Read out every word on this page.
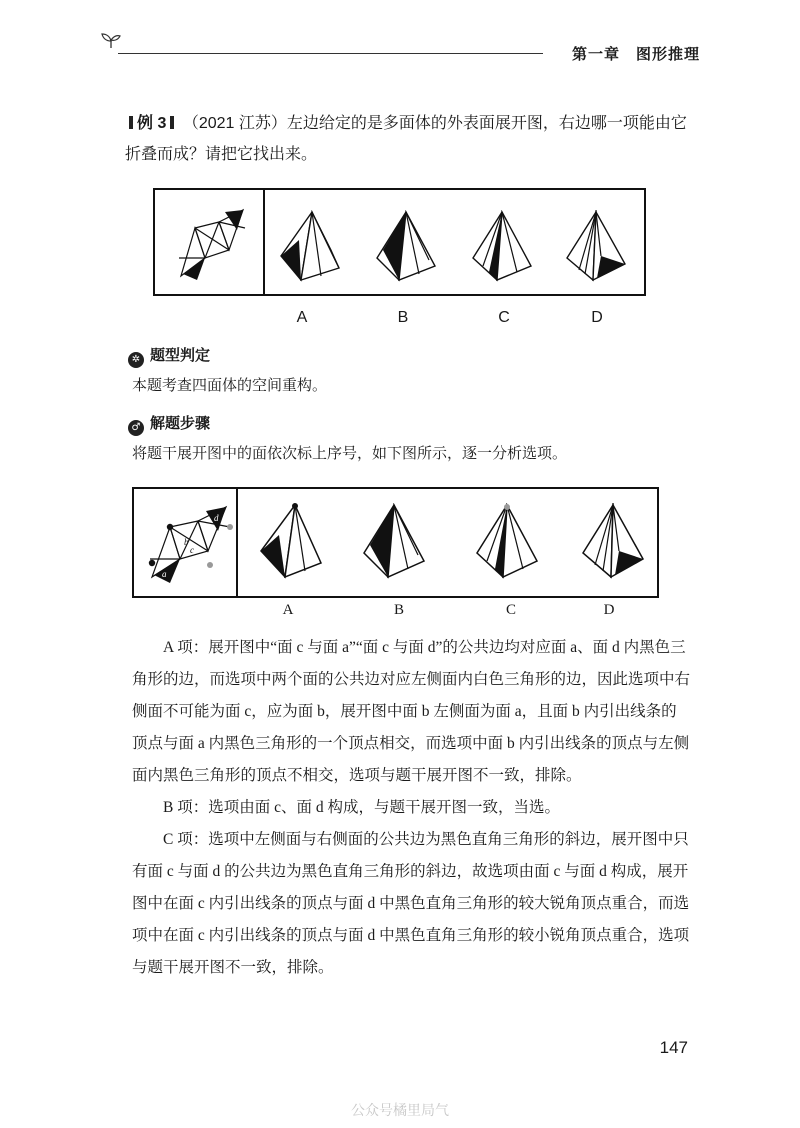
第一章 图形推理
例 3 （2021 江苏）左边给定的是多面体的外表面展开图，右边哪一项能由它折叠而成？请把它找出来。
A	B	C	D
✲ 题型判定
本题考查四面体的空间重构。
♂ 解题步骤
将题干展开图中的面依次标上序号，如下图所示，逐一分析选项。
b
c
d
a
A	B	C	D

A 项：展开图中“面 c 与面 a”“面 c 与面 d”的公共边均对应面 a、面 d 内黑色三角形的边，而选项中两个面的公共边对应左侧面内白色三角形的边，因此选项中右侧面不可能为面 c，应为面 b，展开图中面 b 左侧面为面 a，且面 b 内引出线条的顶点与面 a 内黑色三角形的一个顶点相交，而选项中面 b 内引出线条的顶点与左侧面内黑色三角形的顶点不相交，选项与题干展开图不一致，排除。

B 项：选项由面 c、面 d 构成，与题干展开图一致，当选。

C 项：选项中左侧面与右侧面的公共边为黑色直角三角形的斜边，展开图中只有面 c 与面 d 的公共边为黑色直角三角形的斜边，故选项由面 c 与面 d 构成，展开图中在面 c 内引出线条的顶点与面 d 中黑色直角三角形的较大锐角顶点重合，而选项中在面 c 内引出线条的顶点与面 d 中黑色直角三角形的较小锐角顶点重合，选项与题干展开图不一致，排除。

147
公众号橘里局气
